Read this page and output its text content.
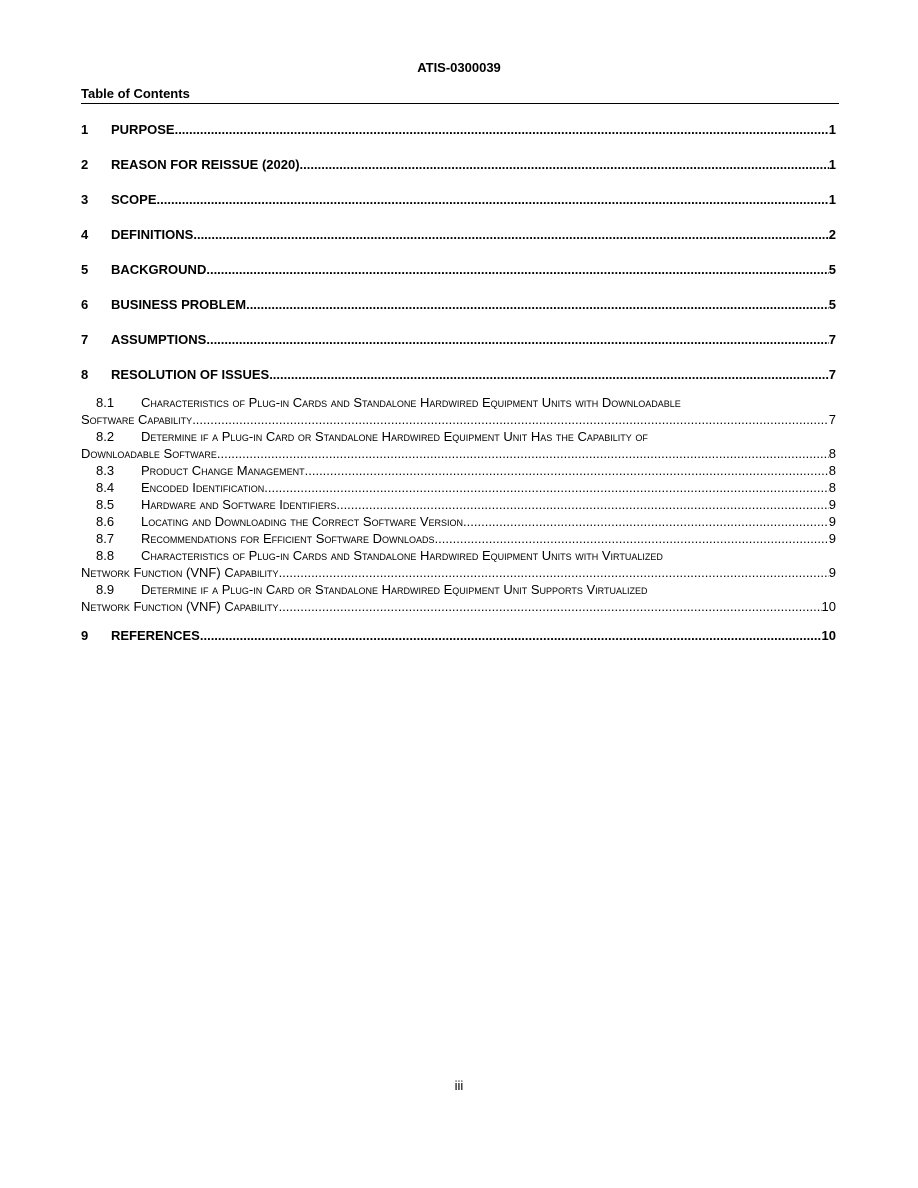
ATIS-0300039
Table of Contents
1	PURPOSE .....	1
2	REASON FOR REISSUE (2020) .....	1
3	SCOPE .....	1
4	DEFINITIONS .....	2
5	BACKGROUND .....	5
6	BUSINESS PROBLEM .....	5
7	ASSUMPTIONS .....	7
8	RESOLUTION OF ISSUES .....	7
8.1	Characteristics of Plug-in Cards and Standalone Hardwired Equipment Units with Downloadable
Software Capability .....	7
8.2	Determine if a Plug-in Card or Standalone Hardwired Equipment Unit Has the Capability of
Downloadable Software .....	8
8.3	Product Change Management .....	8
8.4	Encoded Identification .....	8
8.5	Hardware and Software Identifiers .....	9
8.6	Locating and Downloading the Correct Software Version .....	9
8.7	Recommendations for Efficient Software Downloads .....	9
8.8	Characteristics of Plug-in Cards and Standalone Hardwired Equipment Units with Virtualized
Network Function (VNF) Capability .....	9
8.9	Determine if a Plug-in Card or Standalone Hardwired Equipment Unit Supports Virtualized
Network Function (VNF) Capability .....	10
9	REFERENCES .....	10
iii
